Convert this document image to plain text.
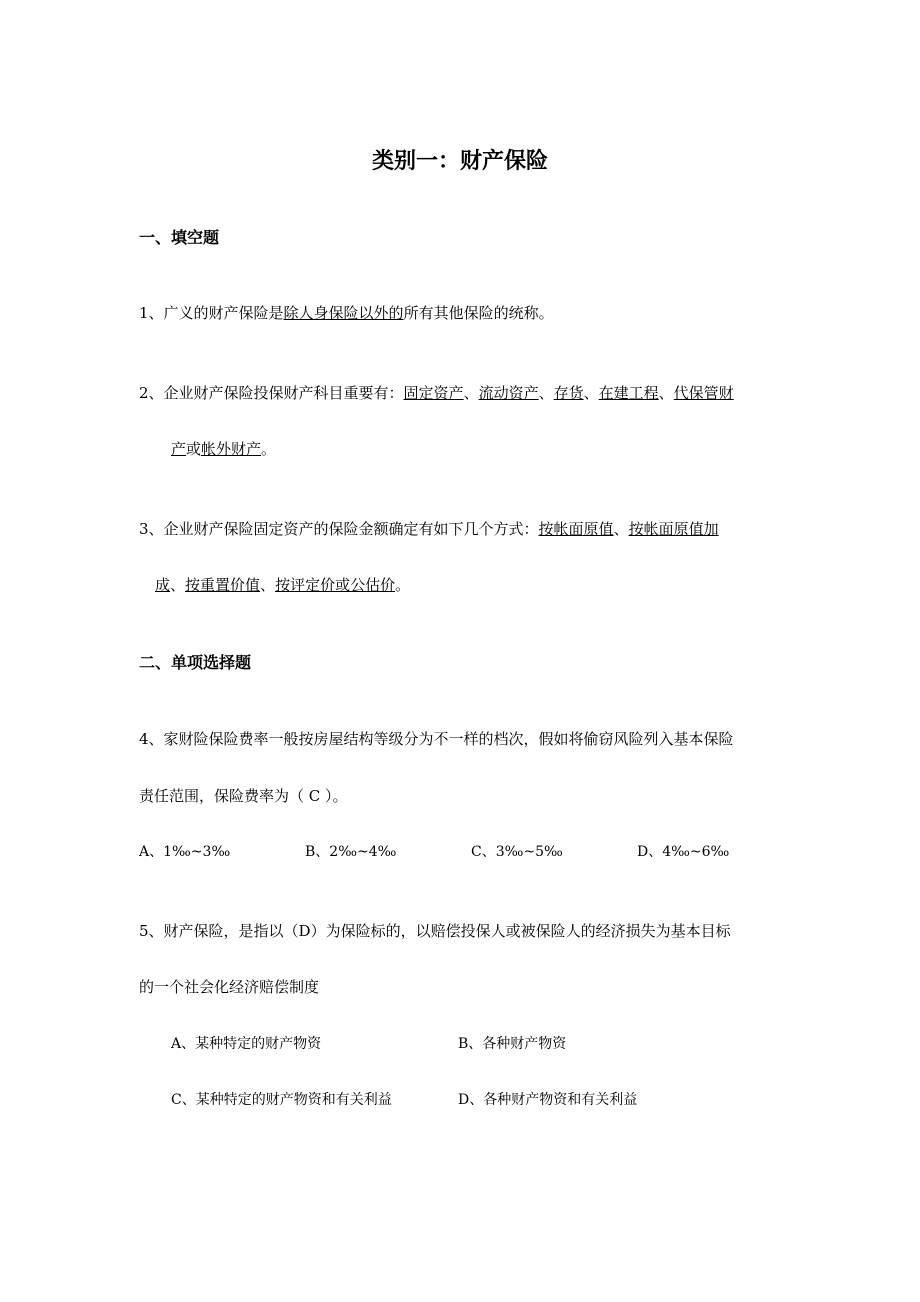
类别一：财产保险
一、填空题
1、广义的财产保险是除人身保险以外的所有其他保险的统称。
2、企业财产保险投保财产科目重要有：固定资产、流动资产、存货、在建工程、代保管财
产或帐外财产。
3、企业财产保险固定资产的保险金额确定有如下几个方式：按帐面原值、按帐面原值加
成、按重置价值、按评定价或公估价。
二、单项选择题
4、家财险保险费率一般按房屋结构等级分为不一样的档次，假如将偷窃风险列入基本保险
责任范围，保险费率为（ C ）。
A、1‰~3‰	B、2‰~4‰	C、3‰~5‰	D、4‰~6‰
5、财产保险，是指以（D）为保险标的，以赔偿投保人或被保险人的经济损失为基本目标
的一个社会化经济赔偿制度
A、某种特定的财产物资	B、各种财产物资
C、某种特定的财产物资和有关利益	D、各种财产物资和有关利益
